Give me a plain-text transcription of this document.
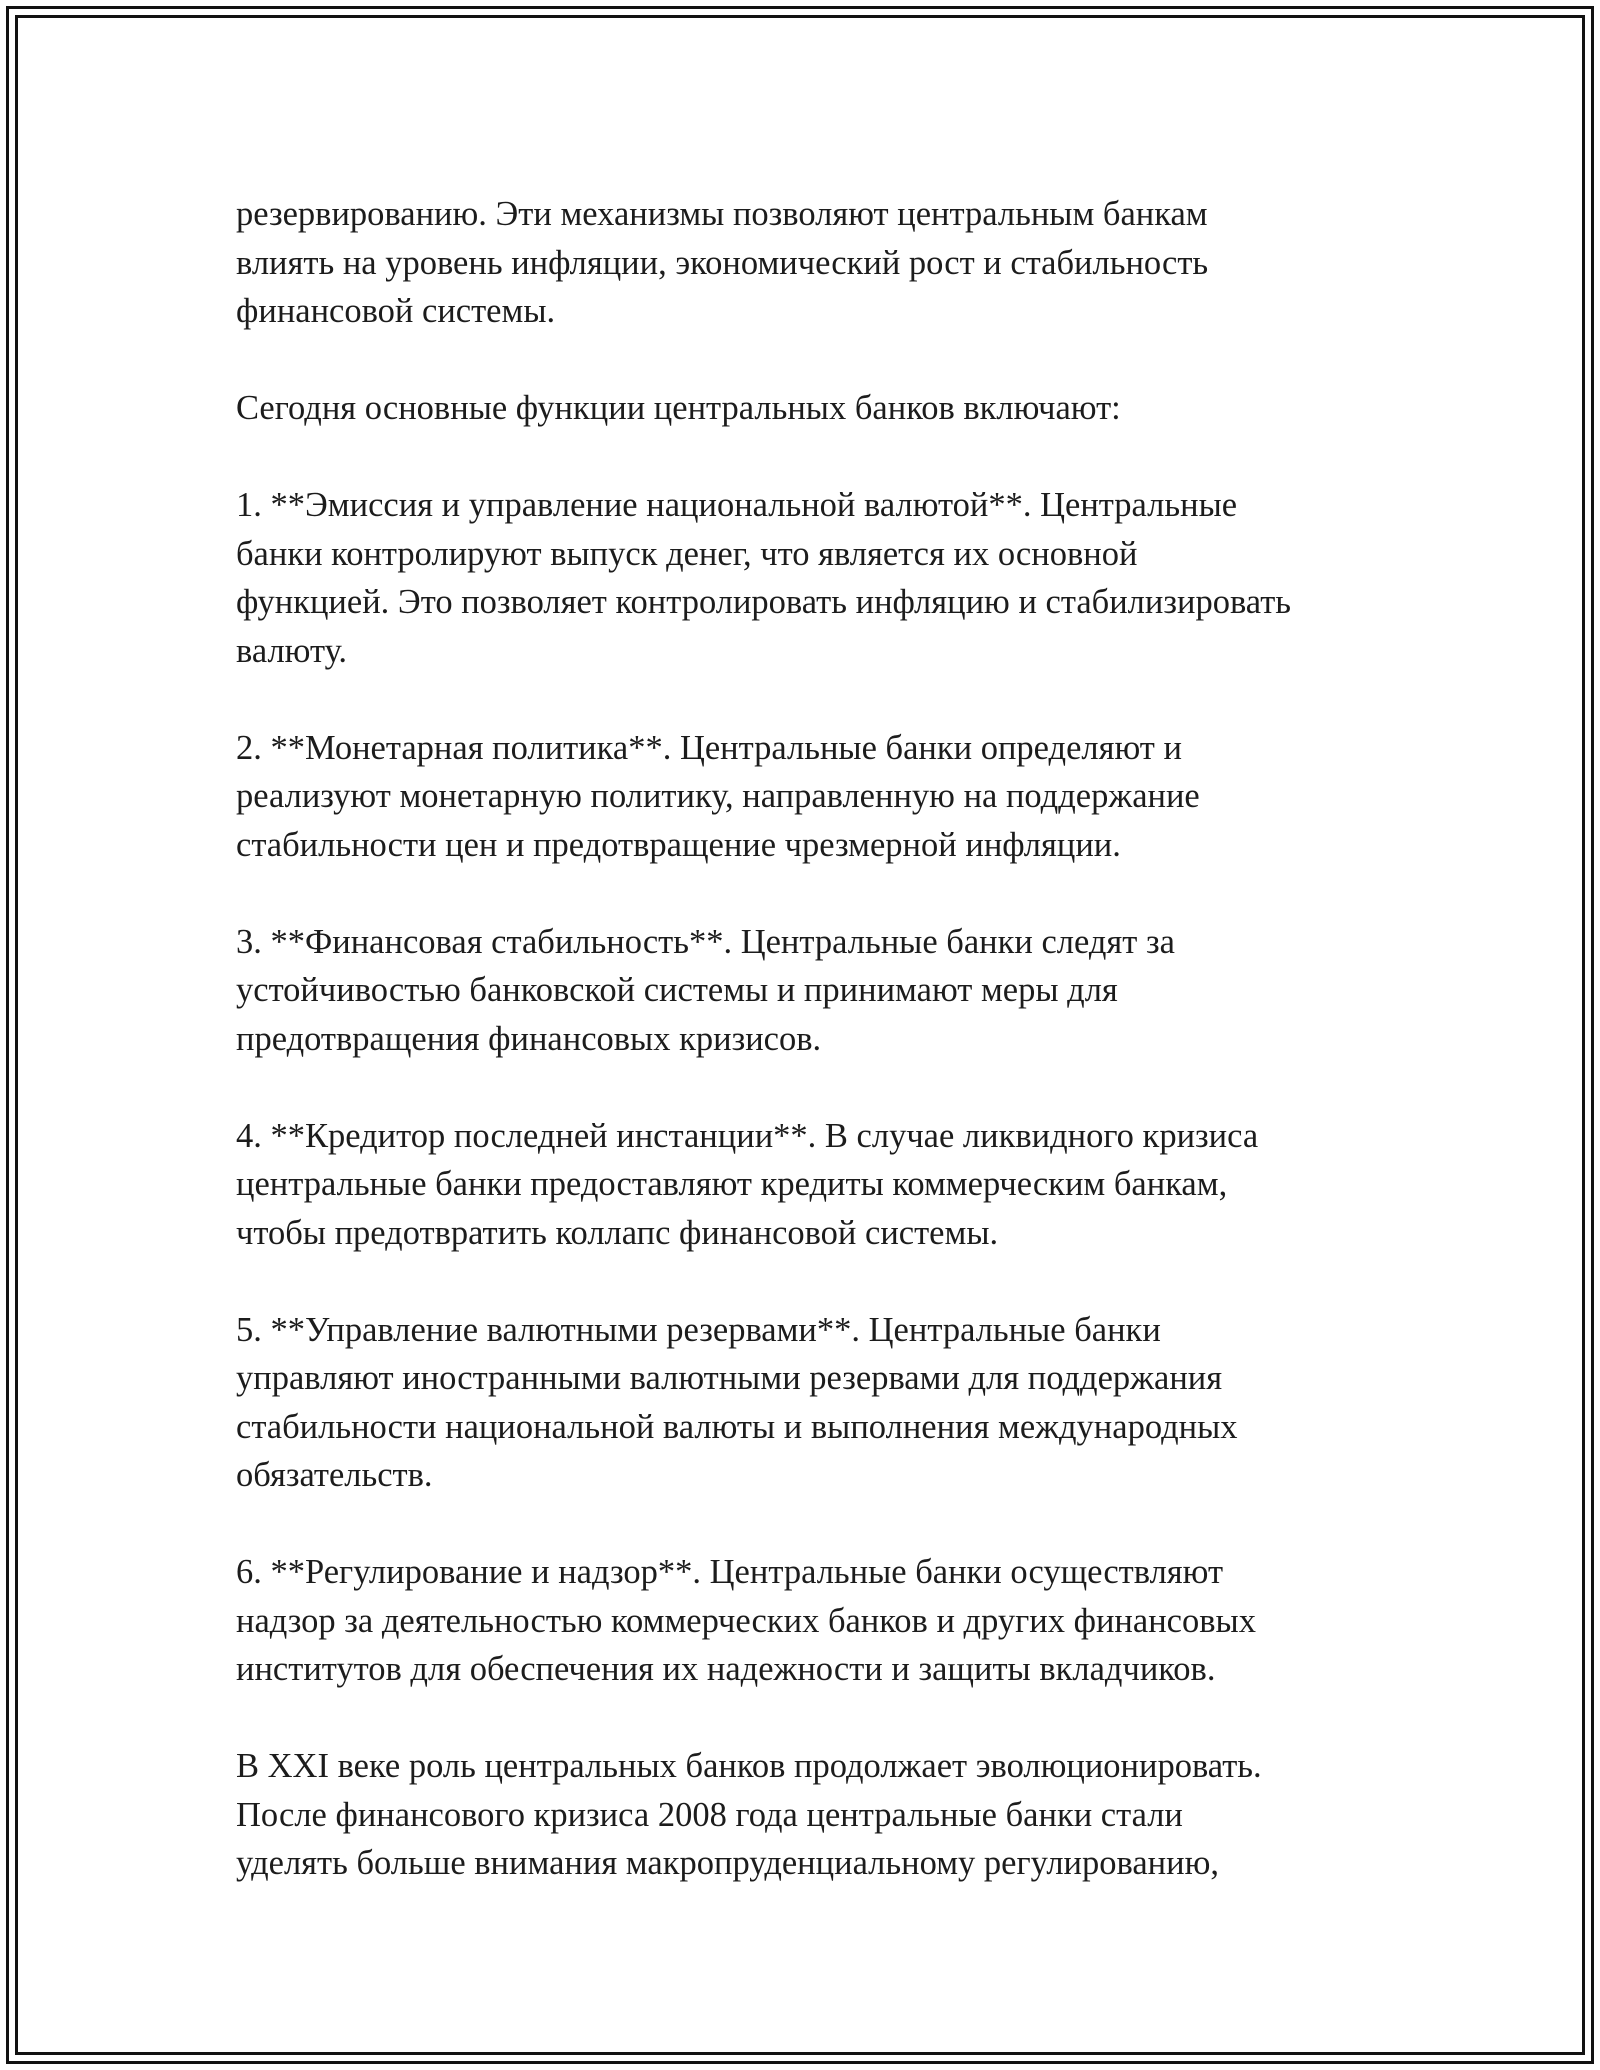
резервированию. Эти механизмы позволяют центральным банкам
влиять на уровень инфляции, экономический рост и стабильность
финансовой системы.

Сегодня основные функции центральных банков включают:

1. **Эмиссия и управление национальной валютой**. Центральные
банки контролируют выпуск денег, что является их основной
функцией. Это позволяет контролировать инфляцию и стабилизировать
валюту.

2. **Монетарная политика**. Центральные банки определяют и
реализуют монетарную политику, направленную на поддержание
стабильности цен и предотвращение чрезмерной инфляции.

3. **Финансовая стабильность**. Центральные банки следят за
устойчивостью банковской системы и принимают меры для
предотвращения финансовых кризисов.

4. **Кредитор последней инстанции**. В случае ликвидного кризиса
центральные банки предоставляют кредиты коммерческим банкам,
чтобы предотвратить коллапс финансовой системы.

5. **Управление валютными резервами**. Центральные банки
управляют иностранными валютными резервами для поддержания
стабильности национальной валюты и выполнения международных
обязательств.

6. **Регулирование и надзор**. Центральные банки осуществляют
надзор за деятельностью коммерческих банков и других финансовых
институтов для обеспечения их надежности и защиты вкладчиков.

В XXI веке роль центральных банков продолжает эволюционировать.
После финансового кризиса 2008 года центральные банки стали
уделять больше внимания макропруденциальному регулированию,
